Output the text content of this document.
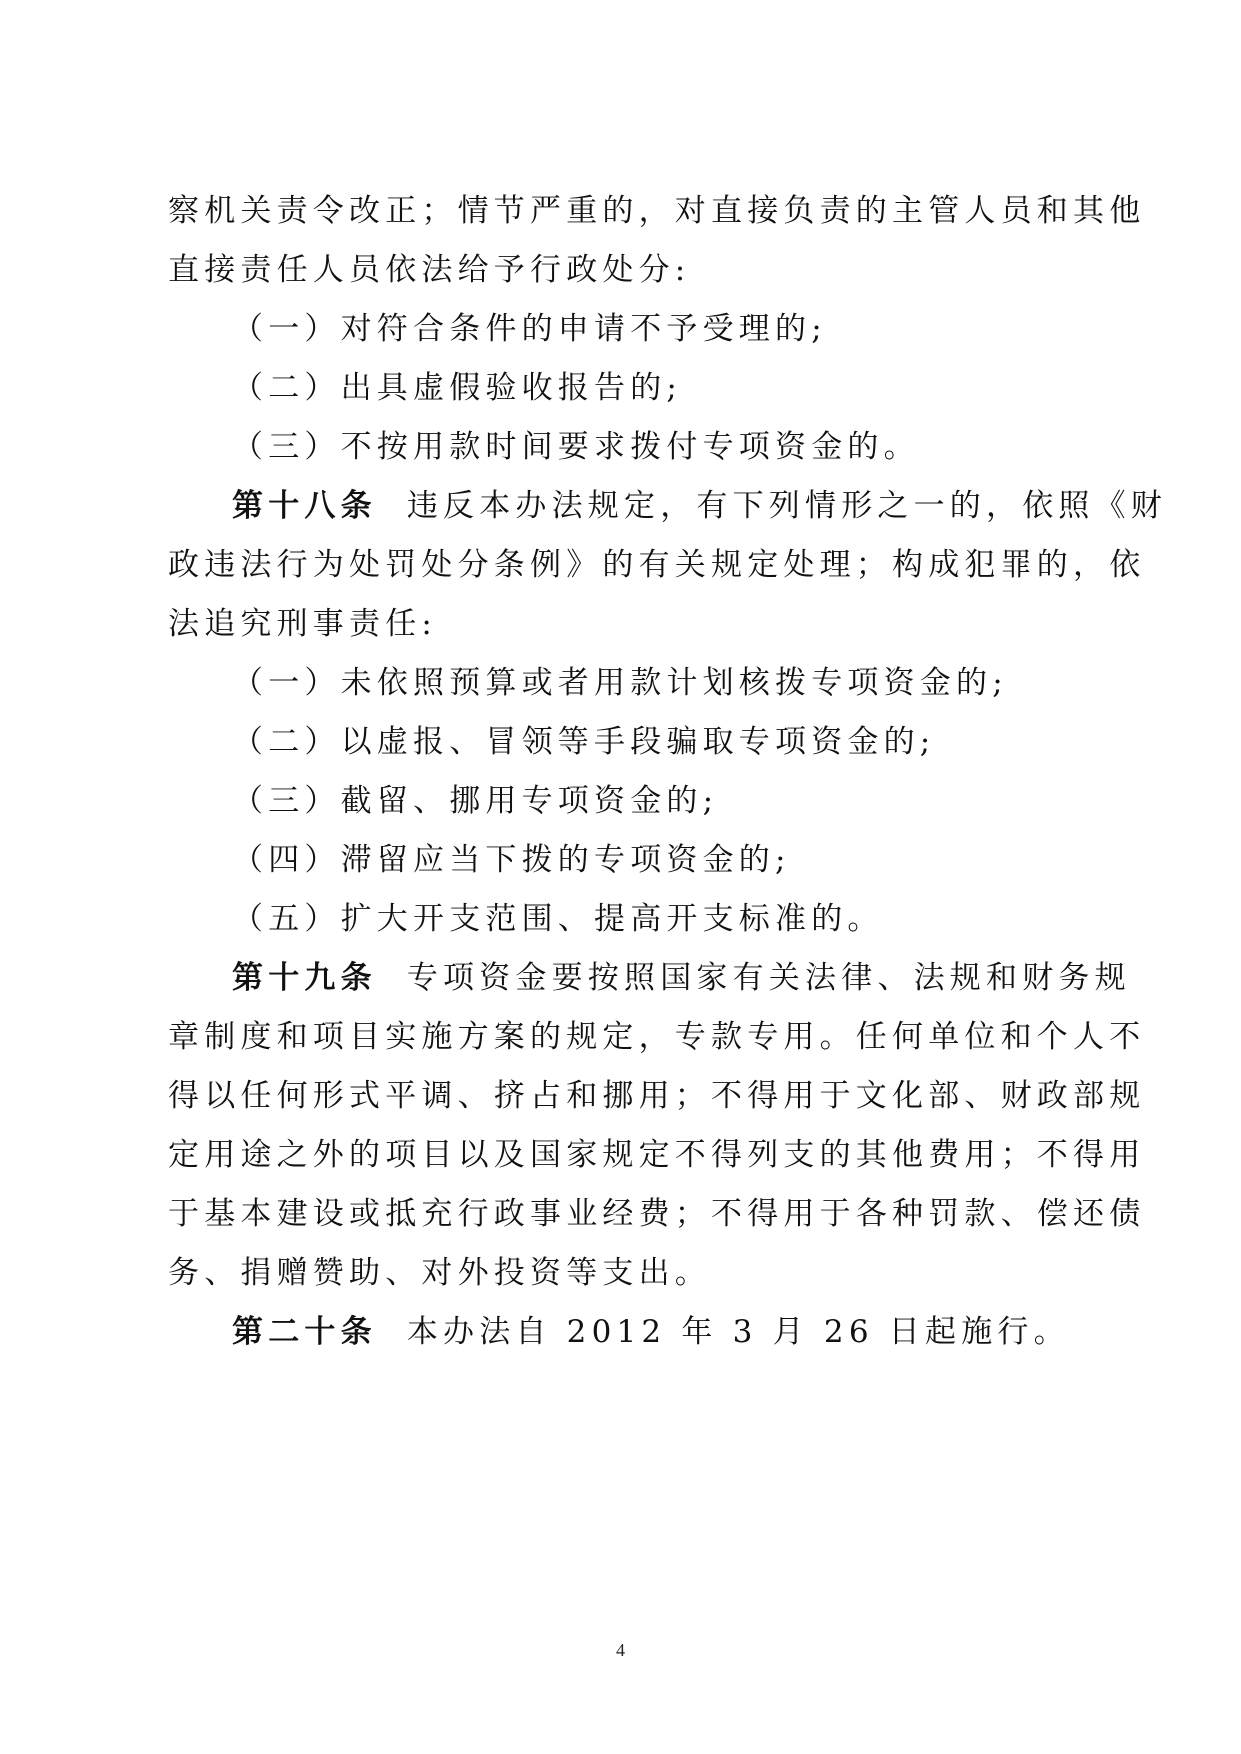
察机关责令改正；情节严重的，对直接负责的主管人员和其他
直接责任人员依法给予行政处分:
（一）对符合条件的申请不予受理的;
（二）出具虚假验收报告的;
（三）不按用款时间要求拨付专项资金的。
第十八条 违反本办法规定，有下列情形之一的，依照《财
政违法行为处罚处分条例》的有关规定处理；构成犯罪的，依
法追究刑事责任:
（一）未依照预算或者用款计划核拨专项资金的;
（二）以虚报、冒领等手段骗取专项资金的;
（三）截留、挪用专项资金的;
（四）滞留应当下拨的专项资金的;
（五）扩大开支范围、提高开支标准的。
第十九条 专项资金要按照国家有关法律、法规和财务规
章制度和项目实施方案的规定，专款专用。任何单位和个人不
得以任何形式平调、挤占和挪用；不得用于文化部、财政部规
定用途之外的项目以及国家规定不得列支的其他费用；不得用
于基本建设或抵充行政事业经费；不得用于各种罚款、偿还债
务、捐赠赞助、对外投资等支出。
第二十条 本办法自 2012 年 3 月 26 日起施行。
4
